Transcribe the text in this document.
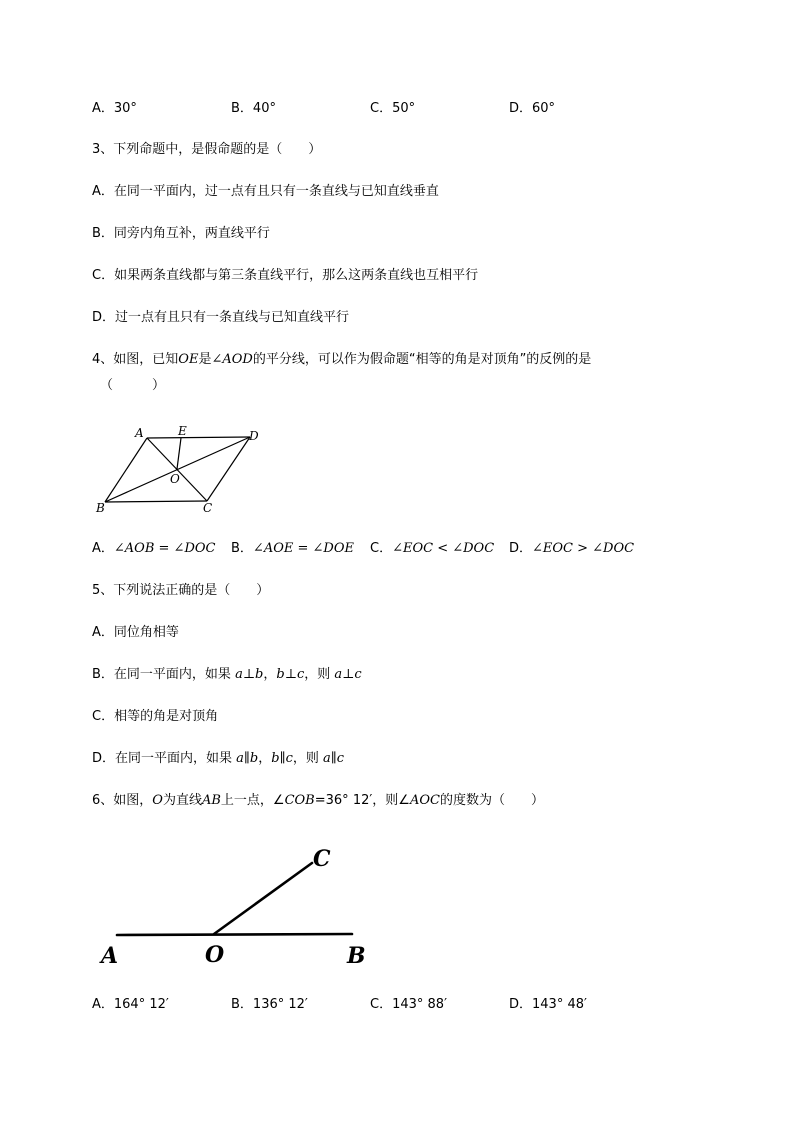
A．30°	B．40°	C．50°	D．60°
3、下列命题中，是假命题的是（　　）
A．在同一平面内，过一点有且只有一条直线与已知直线垂直
B．同旁内角互补，两直线平行
C．如果两条直线都与第三条直线平行，那么这两条直线也互相平行
D．过一点有且只有一条直线与已知直线平行
4、如图，已知OE是∠AOD的平分线，可以作为假命题“相等的角是对顶角”的反例的是
（　　　）
A	E	D
O
B	C
A．∠AOB = ∠DOC B．∠AOE = ∠DOE C．∠EOC < ∠DOC D．∠EOC > ∠DOC
5、下列说法正确的是（　　）
A．同位角相等
B．在同一平面内，如果 a⊥b，b⊥c，则 a⊥c
C．相等的角是对顶角
D．在同一平面内，如果 a∥b，b∥c，则 a∥c
6、如图，O为直线AB上一点，∠COB=36° 12′，则∠AOC的度数为（　　）
C
A	O	B
A．164° 12′	B．136° 12′	C．143° 88′	D．143° 48′
